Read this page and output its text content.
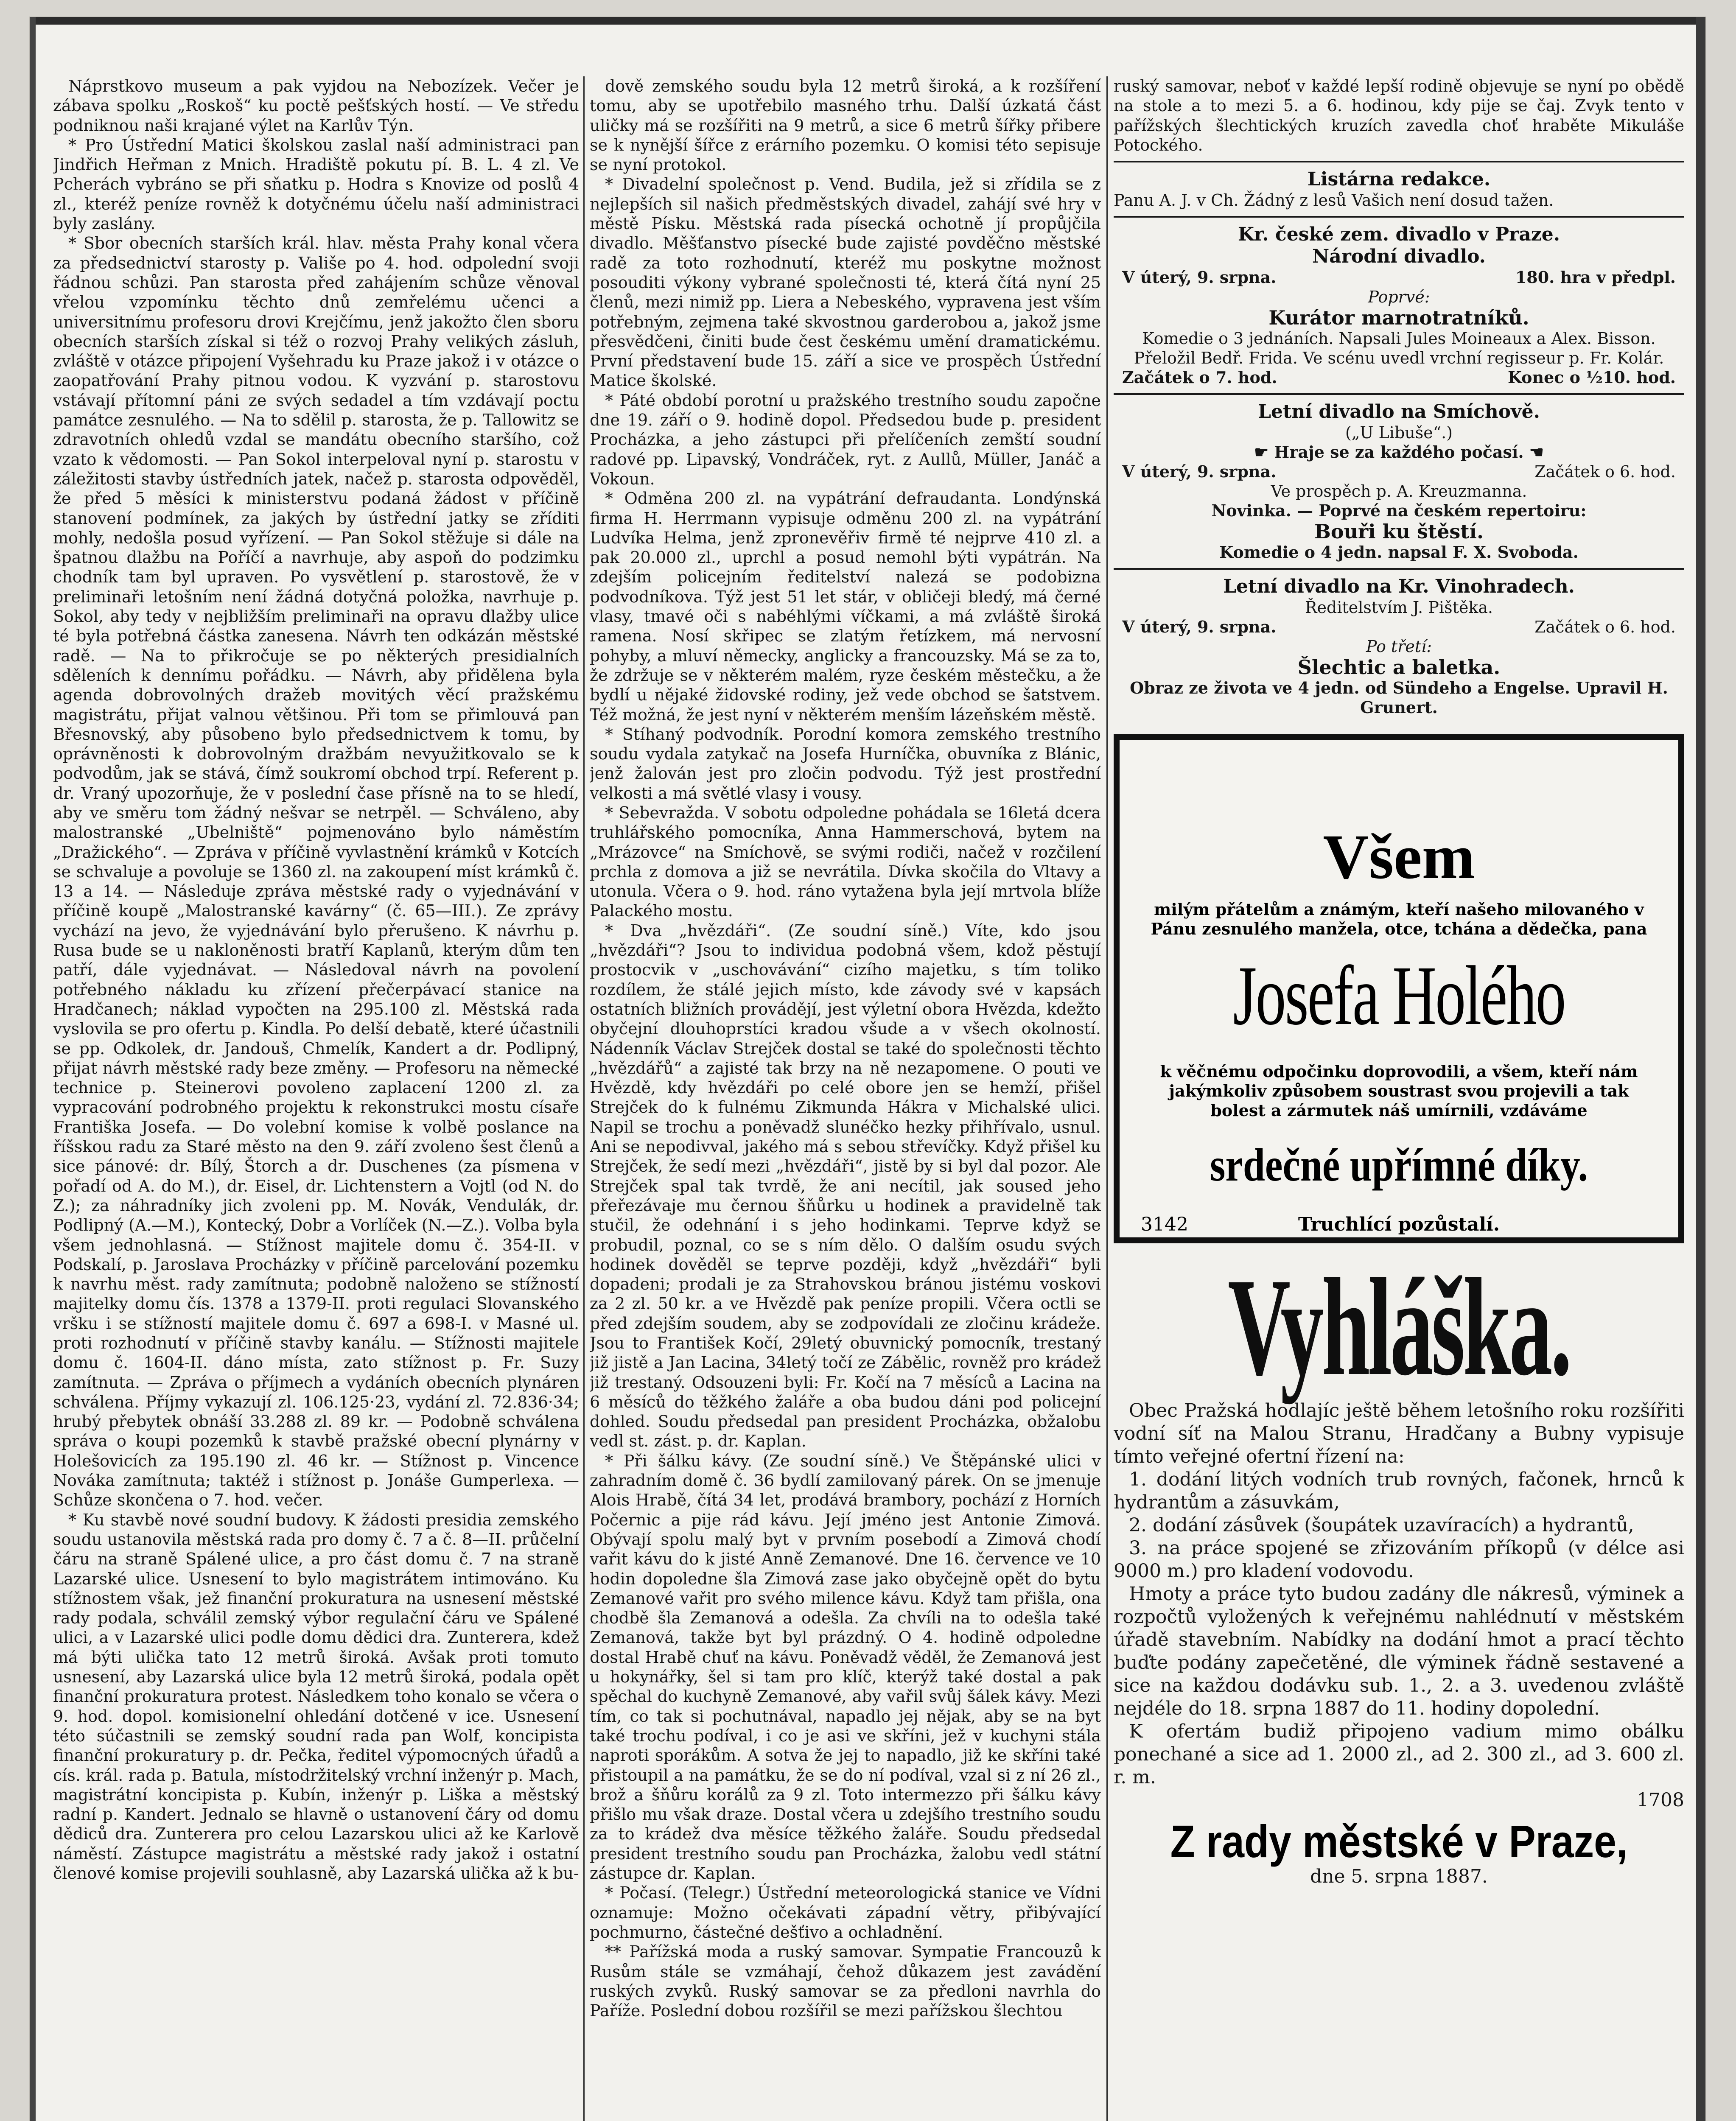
Náprstkovo museum a pak vyjdou na Nebozízek. Večer je zábava spolku „Roskoš“ ku poctě pešťských hostí. — Ve středu podniknou naši krajané výlet na Karlův Týn.

* Pro Ústřední Matici školskou zaslal naší administraci pan Jindřich Heřman z Mnich. Hradiště pokutu pí. B. L. 4 zl. Ve Pcherách vybráno se při sňatku p. Hodra s Knovize od poslů 4 zl., kteréž peníze rovněž k dotyčnému účelu naší administraci byly zaslány.

* Sbor obecních starších král. hlav. města Prahy konal včera za předsednictví starosty p. Vališe po 4. hod. odpolední svoji řádnou schůzi. Pan starosta před zahájením schůze věnoval vřelou vzpomínku těchto dnů zemřelému učenci a universitnímu profesoru drovi Krejčímu, jenž jakožto člen sboru obecních starších získal si též o rozvoj Prahy velikých zásluh, zvláště v otázce připojení Vyšehradu ku Praze jakož i v otázce o zaopatřování Prahy pitnou vodou. K vyzvání p. starostovu vstávají přítomní páni ze svých sedadel a tím vzdávají poctu památce zesnulého. — Na to sdělil p. starosta, že p. Tallowitz se zdravotních ohledů vzdal se mandátu obecního staršího, což vzato k vědomosti. — Pan Sokol interpeloval nyní p. starostu v záležitosti stavby ústředních jatek, načež p. starosta odpověděl, že před 5 měsíci k ministerstvu podaná žádost v příčině stanovení podmínek, za jakých by ústřední jatky se zříditi mohly, nedošla posud vyřízení. — Pan Sokol stěžuje si dále na špatnou dlažbu na Poříčí a navrhuje, aby aspoň do podzimku chodník tam byl upraven. Po vysvětlení p. starostově, že v preliminaři letošním není žádná dotyčná položka, navrhuje p. Sokol, aby tedy v nejbližším preliminaři na opravu dlažby ulice té byla potřebná částka zanesena. Návrh ten odkázán městské radě. — Na to přikročuje se po některých presidialních sděleních k dennímu pořádku. — Návrh, aby přidělena byla agenda dobrovolných dražeb movitých věcí pražskému magistrátu, přijat valnou většinou. Při tom se přimlouvá pan Břesnovský, aby působeno bylo předsednictvem k tomu, by oprávněnosti k dobrovolným dražbám nevyužitkovalo se k podvodům, jak se stává, čímž soukromí obchod trpí. Referent p. dr. Vraný upozorňuje, že v poslední čase přísně na to se hledí, aby ve směru tom žádný nešvar se netrpěl. — Schváleno, aby malostranské „Ubelniště“ pojmenováno bylo náměstím „Dražického“. — Zpráva v příčině vyvlastnění krámků v Kotcích se schvaluje a povoluje se 1360 zl. na zakoupení míst krámků č. 13 a 14. — Následuje zpráva městské rady o vyjednávání v příčině koupě „Malostranské kavárny“ (č. 65—III.). Ze zprávy vychází na jevo, že vyjednávání bylo přerušeno. K návrhu p. Rusa bude se u nakloněnosti bratří Kaplanů, kterým dům ten patří, dále vyjednávat. — Následoval návrh na povolení potřebného nákladu ku zřízení přečerpávací stanice na Hradčanech; náklad vypočten na 295.100 zl. Městská rada vyslovila se pro ofertu p. Kindla. Po delší debatě, které účastnili se pp. Odkolek, dr. Jandouš, Chmelík, Kandert a dr. Podlipný, přijat návrh městské rady beze změny. — Profesoru na německé technice p. Steinerovi povoleno zaplacení 1200 zl. za vypracování podrobného projektu k rekonstrukci mostu císaře Františka Josefa. — Do volební komise k volbě poslance na říšskou radu za Staré město na den 9. září zvoleno šest členů a sice pánové: dr. Bílý, Štorch a dr. Duschenes (za písmena v pořadí od A. do M.), dr. Eisel, dr. Lichtenstern a Vojtl (od N. do Z.); za náhradníky jich zvoleni pp. M. Novák, Vendulák, dr. Podlipný (A.—M.), Kontecký, Dobr a Vorlíček (N.—Z.). Volba byla všem jednohlasná. — Stížnost majitele domu č. 354-II. v Podskalí, p. Jaroslava Procházky v příčině parcelování pozemku k navrhu měst. rady zamítnuta; podobně naloženo se stížností majitelky domu čís. 1378 a 1379-II. proti regulaci Slovanského vršku i se stížností majitele domu č. 697 a 698-I. v Masné ul. proti rozhodnutí v příčině stavby kanálu. — Stížnosti majitele domu č. 1604-II. dáno místa, zato stížnost p. Fr. Suzy zamítnuta. — Zpráva o příjmech a vydáních obecních plynáren schválena. Příjmy vykazují zl. 106.125·23, vydání zl. 72.836·34; hrubý přebytek obnáší 33.288 zl. 89 kr. — Podobně schválena správa o koupi pozemků k stavbě pražské obecní plynárny v Holešovicích za 195.190 zl. 46 kr. — Stížnost p. Vincence Nováka zamítnuta; taktéž i stížnost p. Jonáše Gumperlexa. — Schůze skončena o 7. hod. večer.

* Ku stavbě nové soudní budovy. K žádosti presidia zemského soudu ustanovila městská rada pro domy č. 7 a č. 8—II. průčelní čáru na straně Spálené ulice, a pro část domu č. 7 na straně Lazarské ulice. Usnesení to bylo magistrátem intimováno. Ku stížnostem však, jež finanční prokuratura na usnesení městské rady podala, schválil zemský výbor regulační čáru ve Spálené ulici, a v Lazarské ulici podle domu dědici dra. Zunterera, kdež má býti ulička tato 12 metrů široká. Avšak proti tomuto usnesení, aby Lazarská ulice byla 12 metrů široká, podala opět finanční prokuratura protest. Následkem toho konalo se včera o 9. hod. dopol. komisionelní ohledání dotčené v ice. Usnesení této súčastnili se zemský soudní rada pan Wolf, koncipista finanční prokuratury p. dr. Pečka, ředitel výpomocných úřadů a cís. král. rada p. Batula, místodržitelský vrchní inženýr p. Mach, magistrátní koncipista p. Kubín, inženýr p. Liška a městský radní p. Kandert. Jednalo se hlavně o ustanovení čáry od domu dědiců dra. Zunterera pro celou Lazarskou ulici až ke Karlově náměstí. Zástupce magistrátu a městské rady jakož i ostatní členové komise projevili souhlasně, aby Lazarská ulička až k bu-

dově zemského soudu byla 12 metrů široká, a k rozšíření tomu, aby se upotřebilo masného trhu. Další úzkatá část uličky má se rozšířiti na 9 metrů, a sice 6 metrů šířky přibere se k nynější šířce z erárního pozemku. O komisi této sepisuje se nyní protokol.

* Divadelní společnost p. Vend. Budila, jež si zřídila se z nejlepších sil našich předměstských divadel, zahájí své hry v městě Písku. Městská rada písecká ochotně jí propůjčila divadlo. Měšťanstvo písecké bude zajisté povděčno městské radě za toto rozhodnutí, kteréž mu poskytne možnost posouditi výkony vybrané společnosti té, která čítá nyní 25 členů, mezi nimiž pp. Liera a Nebeského, vypravena jest vším potřebným, zejmena také skvostnou garderobou a, jakož jsme přesvědčeni, činiti bude čest českému umění dramatickému. První představení bude 15. září a sice ve prospěch Ústřední Matice školské.

* Páté období porotní u pražského trestního soudu započne dne 19. září o 9. hodině dopol. Předsedou bude p. president Procházka, a jeho zástupci při přelíčeních zemští soudní radové pp. Lipavský, Vondráček, ryt. z Aullů, Müller, Janáč a Vokoun.

* Odměna 200 zl. na vypátrání defraudanta. Londýnská firma H. Herrmann vypisuje odměnu 200 zl. na vypátrání Ludvíka Helma, jenž zpronevěřiv firmě té nejprve 410 zl. a pak 20.000 zl., uprchl a posud nemohl býti vypátrán. Na zdejším policejním ředitelství nalezá se podobizna podvodníkova. Týž jest 51 let stár, v obličeji bledý, má černé vlasy, tmavé oči s nabéhlými víčkami, a má zvláště široká ramena. Nosí skřipec se zlatým řetízkem, má nervosní pohyby, a mluví německy, anglicky a francouzsky. Má se za to, že zdržuje se v některém malém, ryze českém městečku, a že bydlí u nějaké židovské rodiny, jež vede obchod se šatstvem. Též možná, že jest nyní v některém menším lázeňském městě.

* Stíhaný podvodník. Porodní komora zemského trestního soudu vydala zatykač na Josefa Hurníčka, obuvníka z Blánic, jenž žalován jest pro zločin podvodu. Týž jest prostřední velkosti a má světlé vlasy i vousy.

* Sebevražda. V sobotu odpoledne pohádala se 16letá dcera truhlářského pomocníka, Anna Hammerschová, bytem na „Mrázovce“ na Smíchově, se svými rodiči, načež v rozčilení prchla z domova a již se nevrátila. Dívka skočila do Vltavy a utonula. Včera o 9. hod. ráno vytažena byla její mrtvola blíže Palackého mostu.

* Dva „hvězdáři“. (Ze soudní síně.) Víte, kdo jsou „hvězdáři“? Jsou to individua podobná všem, kdož pěstují prostocvik v „uschovávání“ cizího majetku, s tím toliko rozdílem, že stálé jejich místo, kde závody své v kapsách ostatních bližních provádějí, jest výletní obora Hvězda, kdežto obyčejní dlouhoprstíci kradou všude a v všech okolností. Nádenník Václav Strejček dostal se také do společnosti těchto „hvězdářů“ a zajisté tak brzy na ně nezapomene. O pouti ve Hvězdě, kdy hvězdáři po celé obore jen se hemží, přišel Strejček do k fulnému Zikmunda Hákra v Michalské ulici. Napil se trochu a poněvadž slunéčko hezky přihřívalo, usnul. Ani se nepodivval, jakého má s sebou střevíčky. Když přišel ku Strejček, že sedí mezi „hvězdáři“, jistě by si byl dal pozor. Ale Strejček spal tak tvrdě, že ani necítil, jak soused jeho přeřezávaje mu černou šňůrku u hodinek a pravidelně tak stučil, že odehnání i s jeho hodinkami. Teprve když se probudil, poznal, co se s ním dělo. O dalším osudu svých hodinek dověděl se teprve později, když „hvězdáři“ byli dopadeni; prodali je za Strahovskou bránou jistému voskovi za 2 zl. 50 kr. a ve Hvězdě pak peníze propili. Včera octli se před zdejším soudem, aby se zodpovídali ze zločinu krádeže. Jsou to František Kočí, 29letý obuvnický pomocník, trestaný již jistě a Jan Lacina, 34letý točí ze Zábělic, rovněž pro krádež již trestaný. Odsouzeni byli: Fr. Kočí na 7 měsíců a Lacina na 6 měsíců do těžkého žaláře a oba budou dáni pod policejní dohled. Soudu předsedal pan president Procházka, obžalobu vedl st. zást. p. dr. Kaplan.

* Při šálku kávy. (Ze soudní síně.) Ve Štěpánské ulici v zahradním domě č. 36 bydlí zamilovaný párek. On se jmenuje Alois Hrabě, čítá 34 let, prodává brambory, pochází z Horních Počernic a pije rád kávu. Její jméno jest Antonie Zimová. Obývají spolu malý byt v prvním posebodí a Zimová chodí vařit kávu do k jisté Anně Zemanové. Dne 16. července ve 10 hodin dopoledne šla Zimová zase jako obyčejně opět do bytu Zemanové vařit pro svého milence kávu. Když tam přišla, ona chodbě šla Zemanová a odešla. Za chvíli na to odešla také Zemanová, takže byt byl prázdný. O 4. hodině odpoledne dostal Hrabě chuť na kávu. Poněvadž věděl, že Zemanová jest u hokynářky, šel si tam pro klíč, kterýž také dostal a pak spěchal do kuchyně Zemanové, aby vařil svůj šálek kávy. Mezi tím, co tak si pochutnával, napadlo jej nějak, aby se na byt také trochu podíval, i co je asi ve skříni, jež v kuchyni stála naproti sporákům. A sotva že jej to napadlo, již ke skříni také přistoupil a na památku, že se do ní podíval, vzal si z ní 26 zl., brož a šňůru korálů za 9 zl. Toto intermezzo při šálku kávy přišlo mu však draze. Dostal včera u zdejšího trestního soudu za to krádež dva měsíce těžkého žaláře. Soudu předsedal president trestního soudu pan Procházka, žalobu vedl státní zástupce dr. Kaplan.

* Počasí. (Telegr.) Ústřední meteorologická stanice ve Vídni oznamuje: Možno očekávati západní větry, přibývající pochmurno, částečné dešťivo a ochladnění.

** Pařížská moda a ruský samovar. Sympatie Francouzů k Rusům stále se vzmáhají, čehož důkazem jest zavádění ruských zvyků. Ruský samovar se za předloni navrhla do Paříže. Poslední dobou rozšířil se mezi pařížskou šlechtou

ruský samovar, neboť v každé lepší rodině objevuje se nyní po obědě na stole a to mezi 5. a 6. hodinou, kdy pije se čaj. Zvyk tento v pařížských šlechtických kruzích zavedla choť hraběte Mikuláše Potockého.

Listárna redakce.

Panu A. J. v Ch. Žádný z lesů Vašich není dosud tažen.

Kr. české zem. divadlo v Praze.

Národní divadlo.

V úterý, 9. srpna.	180. hra v předpl.

Poprvé:

Kurátor marnotratníků.

Komedie o 3 jednáních. Napsali Jules Moineaux a Alex. Bisson. Přeložil Bedř. Frida. Ve scénu uvedl vrchní regisseur p. Fr. Kolár.

Začátek o 7. hod.	Konec o ½10. hod.

Letní divadlo na Smíchově.

(„U Libuše“.)

☛ Hraje se za každého počasí. ☚

V úterý, 9. srpna.	Začátek o 6. hod.

Ve prospěch p. A. Kreuzmanna.

Novinka. — Poprvé na českém repertoiru:

Bouři ku štěstí.

Komedie o 4 jedn. napsal F. X. Svoboda.

Letní divadlo na Kr. Vinohradech.

Ředitelstvím J. Pištěka.

V úterý, 9. srpna.	Začátek o 6. hod.

Po třetí:

Šlechtic a baletka.

Obraz ze života ve 4 jedn. od Sündeho a Engelse. Upravil H. Grunert.

Všem

milým přátelům a známým, kteří našeho milovaného v Pánu zesnulého manžela, otce, tchána a dědečka, pana

Josefa Holého

k věčnému odpočinku doprovodili, a všem, kteří nám jakýmkoliv způsobem soustrast svou projevili a tak bolest a zármutek náš umírnili, vzdáváme

srdečné upřímné díky.
3142	Truchlící pozůstalí.
Vyhláška.

Obec Pražská hodlajíc ještě během letošního roku rozšířiti vodní síť na Malou Stranu, Hradčany a Bubny vypisuje tímto veřejné ofertní řízení na:

1. dodání litých vodních trub rovných, fačonek, hrnců k hydrantům a zásuvkám,

2. dodání zásůvek (šoupátek uzavíracích) a hydrantů,

3. na práce spojené se zřizováním příkopů (v délce asi 9000 m.) pro kladení vodovodu.

Hmoty a práce tyto budou zadány dle nákresů, výminek a rozpočtů vyložených k veřejnému nahlédnutí v městském úřadě stavebním. Nabídky na dodání hmot a prací těchto buďte podány zapečetěné, dle výminek řádně sestavené a sice na každou dodávku sub. 1., 2. a 3. uvedenou zvláště nejdéle do 18. srpna 1887 do 11. hodiny dopolední.

K ofertám budiž připojeno vadium mimo obálku ponechané a sice ad 1. 2000 zl., ad 2. 300 zl., ad 3. 600 zl. r. m.

1708

Z rady městské v Praze,

dne 5. srpna 1887.
